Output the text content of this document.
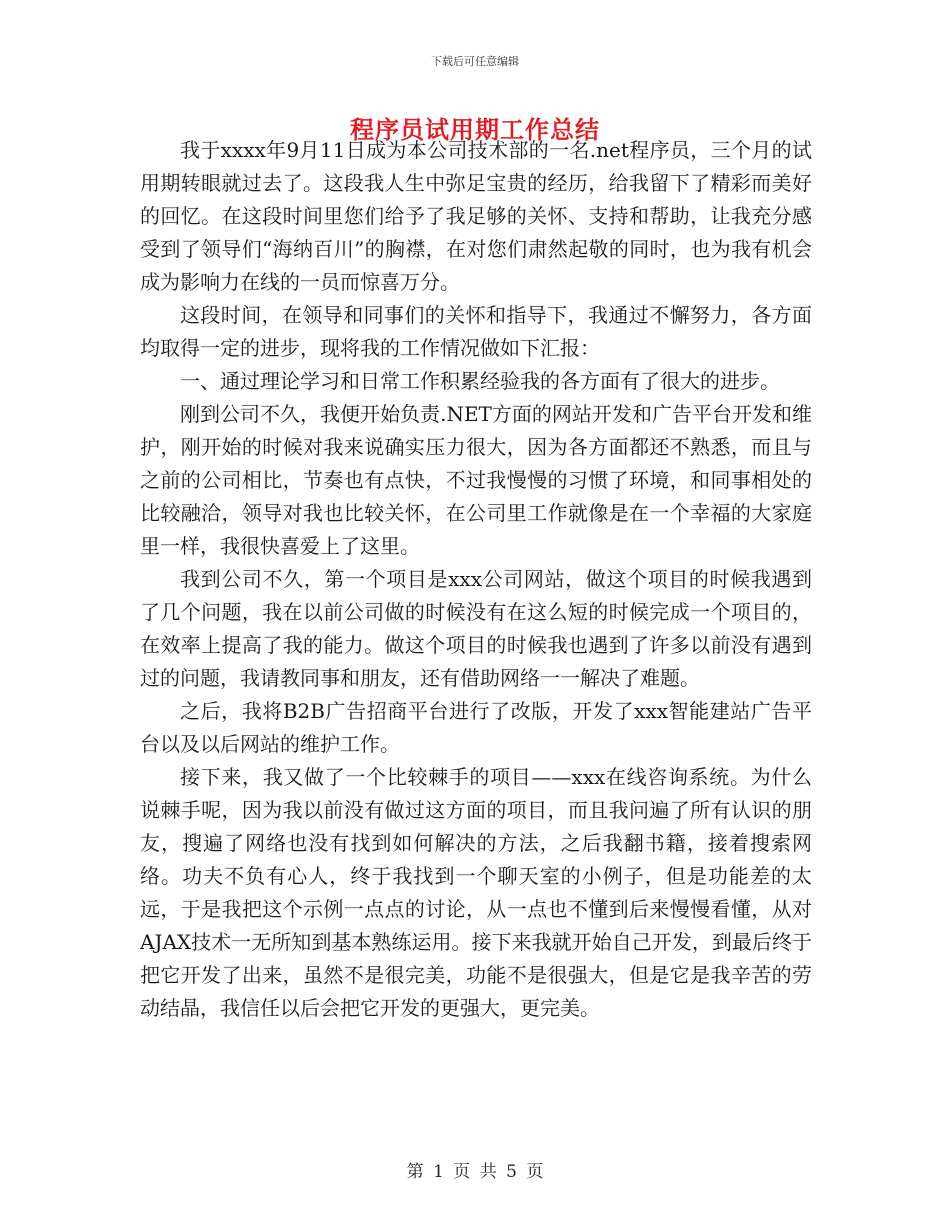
下载后可任意编辑
程序员试用期工作总结

我于xxxx年9月11日成为本公司技术部的一名.net程序员，三个月的试用期转眼就过去了。这段我人生中弥足宝贵的经历，给我留下了精彩而美好的回忆。在这段时间里您们给予了我足够的关怀、支持和帮助，让我充分感受到了领导们“海纳百川”的胸襟，在对您们肃然起敬的同时，也为我有机会成为影响力在线的一员而惊喜万分。

这段时间，在领导和同事们的关怀和指导下，我通过不懈努力，各方面均取得一定的进步，现将我的工作情况做如下汇报：

一、通过理论学习和日常工作积累经验我的各方面有了很大的进步。

刚到公司不久，我便开始负责.NET方面的网站开发和广告平台开发和维护，刚开始的时候对我来说确实压力很大，因为各方面都还不熟悉，而且与之前的公司相比，节奏也有点快，不过我慢慢的习惯了环境，和同事相处的比较融洽，领导对我也比较关怀，在公司里工作就像是在一个幸福的大家庭里一样，我很快喜爱上了这里。

我到公司不久，第一个项目是xxx公司网站，做这个项目的时候我遇到了几个问题，我在以前公司做的时候没有在这么短的时候完成一个项目的，在效率上提高了我的能力。做这个项目的时候我也遇到了许多以前没有遇到过的问题，我请教同事和朋友，还有借助网络一一解决了难题。

之后，我将B2B广告招商平台进行了改版，开发了xxx智能建站广告平台以及以后网站的维护工作。

接下来，我又做了一个比较棘手的项目——xxx在线咨询系统。为什么说棘手呢，因为我以前没有做过这方面的项目，而且我问遍了所有认识的朋友，搜遍了网络也没有找到如何解决的方法，之后我翻书籍，接着搜索网络。功夫不负有心人，终于我找到一个聊天室的小例子，但是功能差的太远，于是我把这个示例一点点的讨论，从一点也不懂到后来慢慢看懂，从对AJAX技术一无所知到基本熟练运用。接下来我就开始自己开发，到最后终于把它开发了出来，虽然不是很完美，功能不是很强大，但是它是我辛苦的劳动结晶，我信任以后会把它开发的更强大，更完美。

第 1 页 共 5 页
